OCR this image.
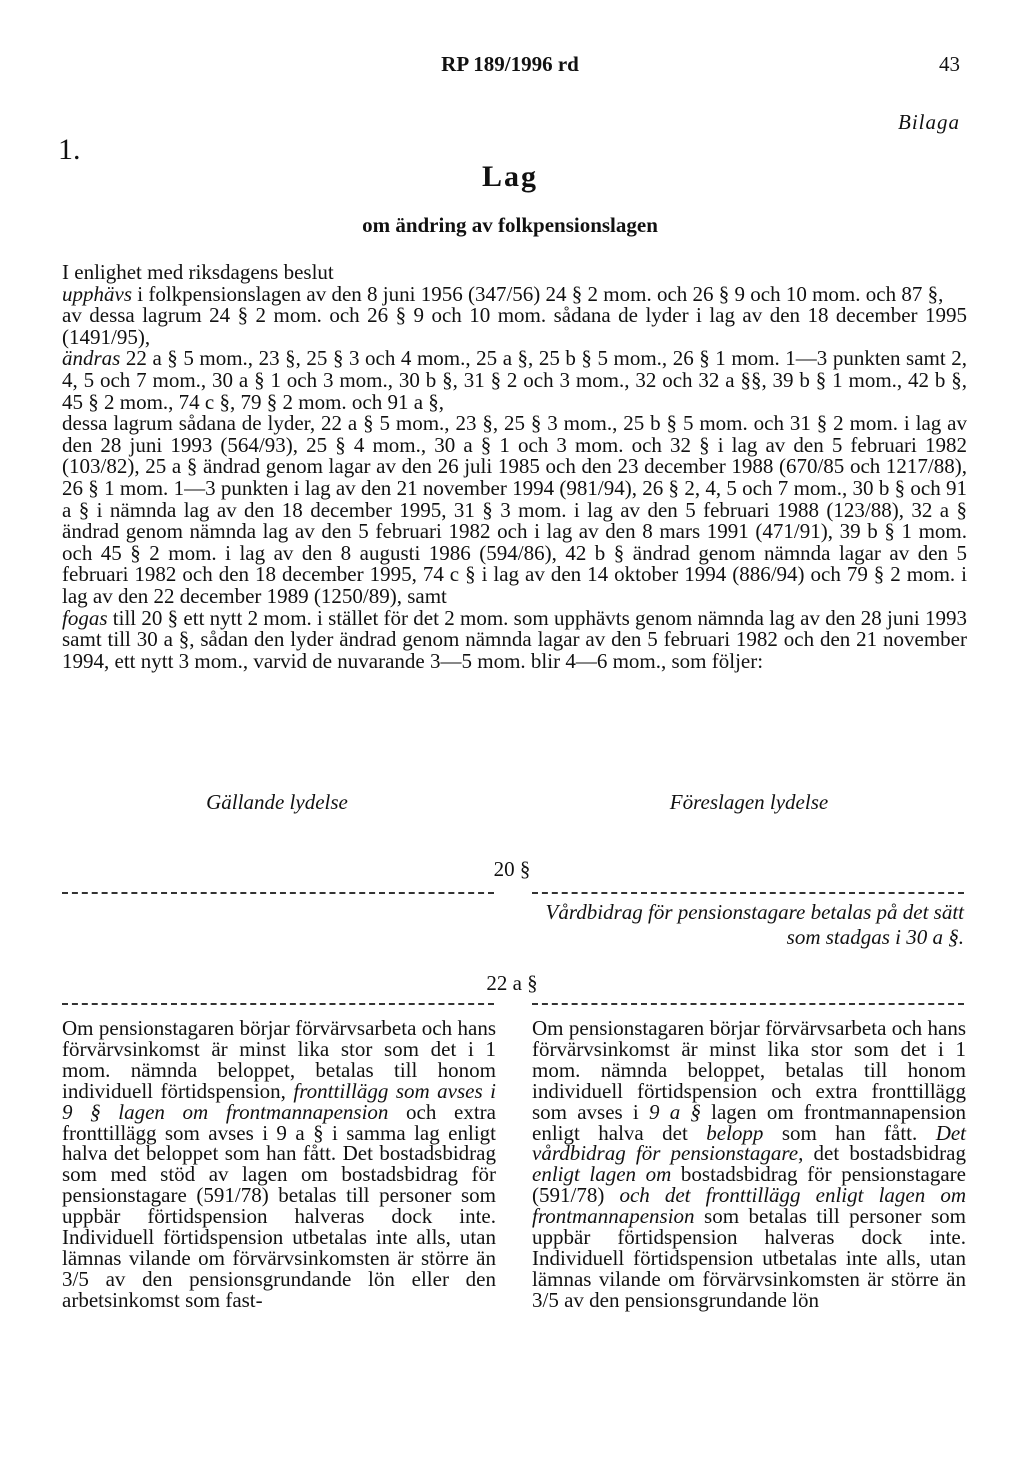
RP 189/1996 rd	43
Bilaga
1.
Lag
om ändring av folkpensionslagen

I enlighet med riksdagens beslut

upphävs i folkpensionslagen av den 8 juni 1956 (347/56) 24 § 2 mom. och 26 § 9 och 10 mom. och 87 §,

av dessa lagrum 24 § 2 mom. och 26 § 9 och 10 mom. sådana de lyder i lag av den 18 december 1995 (1491/95),

ändras 22 a § 5 mom., 23 §, 25 § 3 och 4 mom., 25 a §, 25 b § 5 mom., 26 § 1 mom. 1—3 punkten samt 2, 4, 5 och 7 mom., 30 a § 1 och 3 mom., 30 b §, 31 § 2 och 3 mom., 32 och 32 a §§, 39 b § 1 mom., 42 b §, 45 § 2 mom., 74 c §, 79 § 2 mom. och 91 a §,

dessa lagrum sådana de lyder, 22 a § 5 mom., 23 §, 25 § 3 mom., 25 b § 5 mom. och 31 § 2 mom. i lag av den 28 juni 1993 (564/93), 25 § 4 mom., 30 a § 1 och 3 mom. och 32 § i lag av den 5 februari 1982 (103/82), 25 a § ändrad genom lagar av den 26 juli 1985 och den 23 december 1988 (670/85 och 1217/88), 26 § 1 mom. 1—3 punkten i lag av den 21 november 1994 (981/94), 26 § 2, 4, 5 och 7 mom., 30 b § och 91 a § i nämnda lag av den 18 december 1995, 31 § 3 mom. i lag av den 5 februari 1988 (123/88), 32 a § ändrad genom nämnda lag av den 5 februari 1982 och i lag av den 8 mars 1991 (471/91), 39 b § 1 mom. och 45 § 2 mom. i lag av den 8 augusti 1986 (594/86), 42 b § ändrad genom nämnda lagar av den 5 februari 1982 och den 18 december 1995, 74 c § i lag av den 14 oktober 1994 (886/94) och 79 § 2 mom. i lag av den 22 december 1989 (1250/89), samt

fogas till 20 § ett nytt 2 mom. i stället för det 2 mom. som upphävts genom nämnda lag av den 28 juni 1993 samt till 30 a §, sådan den lyder ändrad genom nämnda lagar av den 5 februari 1982 och den 21 november 1994, ett nytt 3 mom., varvid de nuvarande 3—5 mom. blir 4—6 mom., som följer:

Gällande lydelse	Föreslagen lydelse
20 §
Vårdbidrag för pensionstagare betalas på det sätt som stadgas i 30 a §.
22 a §
Om pensionstagaren börjar förvärvsarbeta och hans förvärvsinkomst är minst lika stor som det i 1 mom. nämnda beloppet, betalas till honom individuell förtidspension, fronttillägg som avses i 9 § lagen om frontmannapension och extra fronttillägg som avses i 9 a § i samma lag enligt halva det beloppet som han fått. Det bostadsbidrag som med stöd av lagen om bostadsbidrag för pensionstagare (591/78) betalas till personer som uppbär förtidspension halveras dock inte. Individuell förtidspension utbetalas inte alls, utan lämnas vilande om förvärvsinkomsten är större än 3/5 av den pensionsgrundande lön eller den arbetsinkomst som fast-
Om pensionstagaren börjar förvärvsarbeta och hans förvärvsinkomst är minst lika stor som det i 1 mom. nämnda beloppet, betalas till honom individuell förtidspension och extra fronttillägg som avses i 9 a § lagen om frontmannapension enligt halva det belopp som han fått. Det vårdbidrag för pensionstagare, det bostadsbidrag enligt lagen om bostadsbidrag för pensionstagare (591/78) och det fronttillägg enligt lagen om frontmannapension som betalas till personer som uppbär förtidspension halveras dock inte. Individuell förtidspension utbetalas inte alls, utan lämnas vilande om förvärvsinkomsten är större än 3/5 av den pensionsgrundande lön
